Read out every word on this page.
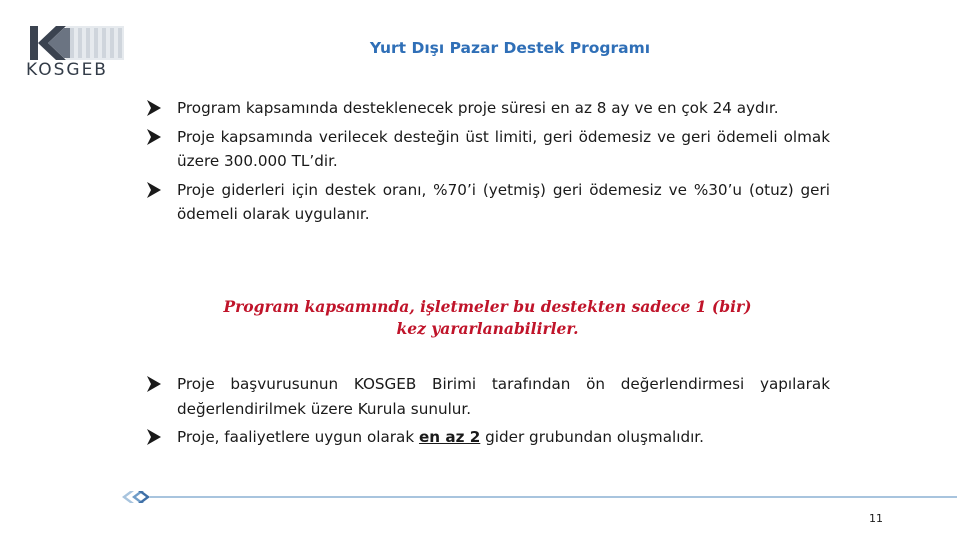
KOSGEB
Yurt Dışı Pazar Destek Programı
Program kapsamında desteklenecek proje süresi en az 8 ay ve en çok 24 aydır.
Proje kapsamında verilecek desteğin üst limiti, geri ödemesiz ve geri ödemeli olmak üzere 300.000 TL’dir.
Proje giderleri için destek oranı, %70’i (yetmiş) geri ödemesiz ve %30’u (otuz) geri ödemeli olarak uygulanır.
Program kapsamında, işletmeler bu destekten sadece 1 (bir)
kez yararlanabilirler.
Proje başvurusunun KOSGEB Birimi tarafından ön değerlendirmesi yapılarak değerlendirilmek üzere Kurula sunulur.
Proje, faaliyetlere uygun olarak en az 2 gider grubundan oluşmalıdır.
11
